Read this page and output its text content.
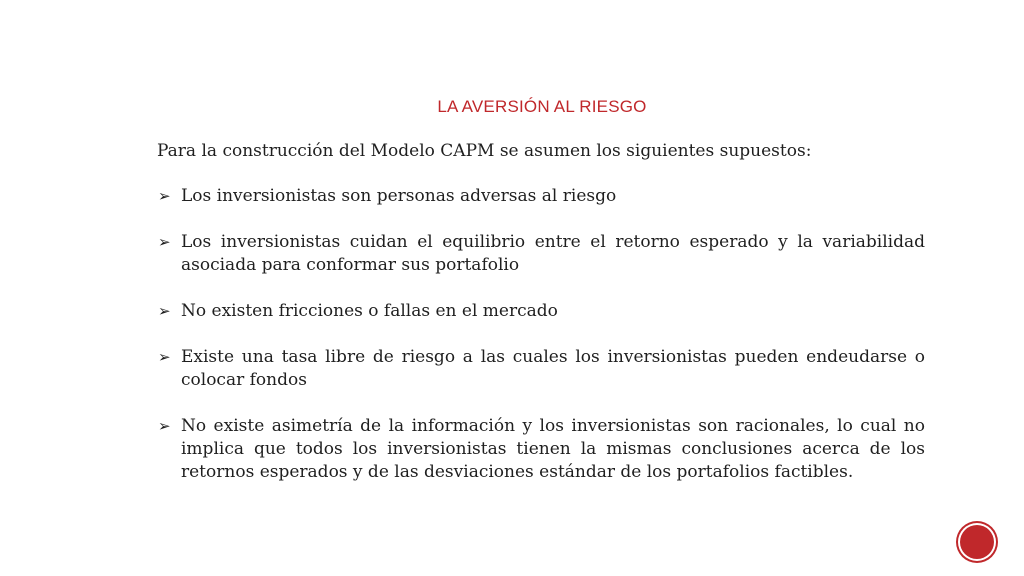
LA AVERSIÓN AL RIESGO

Para la construcción del Modelo CAPM se asumen los siguientes supuestos:

➢ Los inversionistas son personas adversas al riesgo
➢ Los inversionistas cuidan el equilibrio entre el retorno esperado y la variabilidad asociada para conformar sus portafolio
➢ No existen fricciones o fallas en el mercado
➢ Existe una tasa libre de riesgo a las cuales los inversionistas pueden endeudarse o colocar fondos
➢ No existe asimetría de la información y los inversionistas son racionales, lo cual no implica que todos los inversionistas tienen la mismas conclusiones acerca de los retornos esperados y de las desviaciones estándar de los portafolios factibles.
